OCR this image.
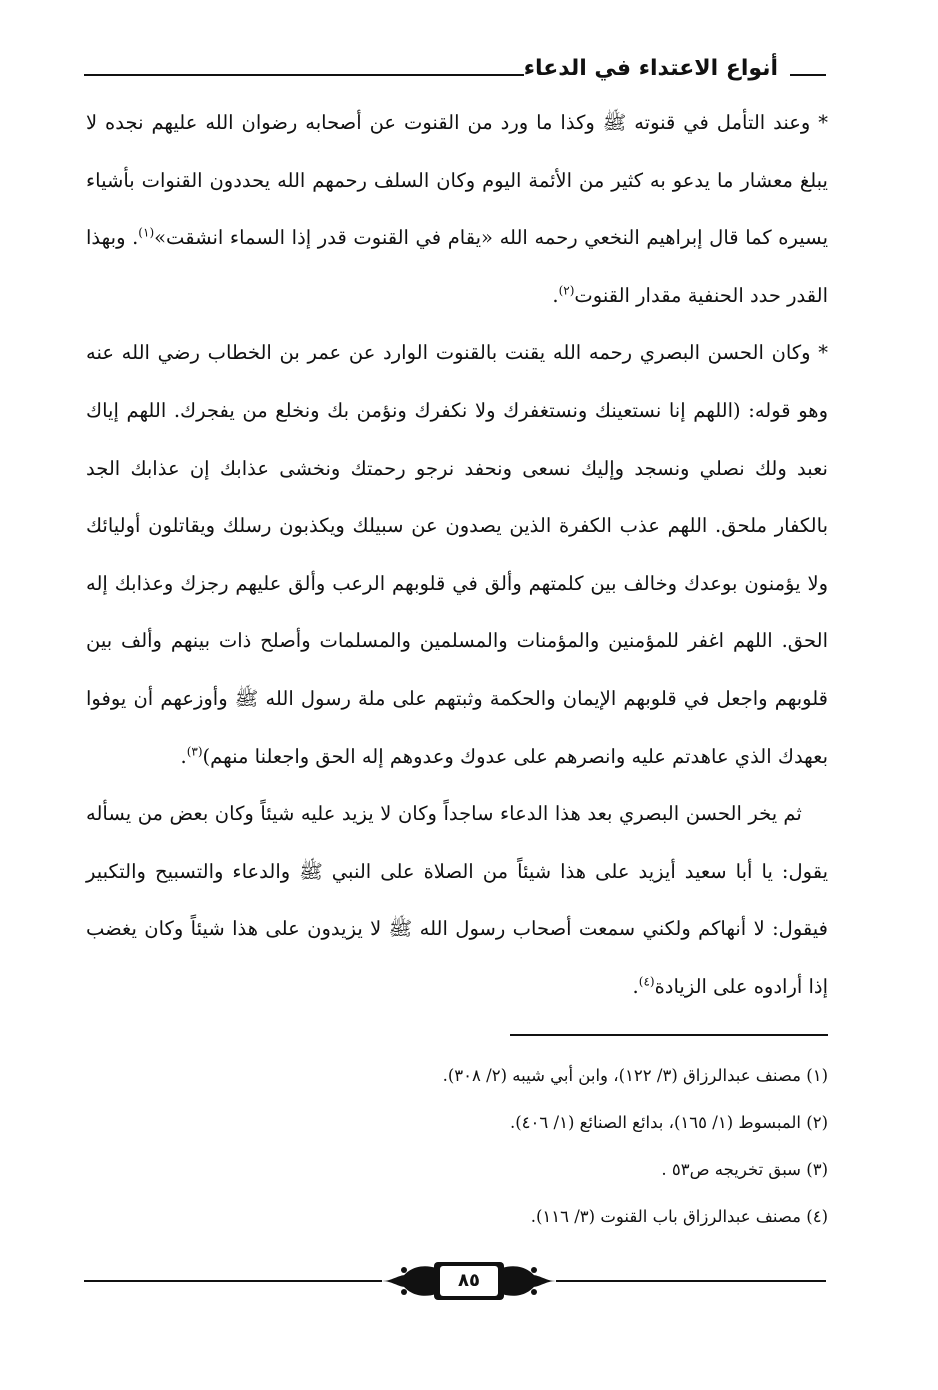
أنواع الاعتداء في الدعاء

* وعند التأمل في قنوته ﷺ وكذا ما ورد من القنوت عن أصحابه رضوان الله عليهم نجده لا يبلغ معشار ما يدعو به كثير من الأئمة اليوم وكان السلف رحمهم الله يحددون القنوات بأشياء يسيره كما قال إبراهيم النخعي رحمه الله «يقام في القنوت قدر إذا السماء انشقت»$^{(١)}$. وبهذا القدر حدد الحنفية مقدار القنوت$^{(٢)}$.

* وكان الحسن البصري رحمه الله يقنت بالقنوت الوارد عن عمر بن الخطاب رضي الله عنه وهو قوله: (اللهم إنا نستعينك ونستغفرك ولا نكفرك ونؤمن بك ونخلع من يفجرك. اللهم إياك نعبد ولك نصلي ونسجد وإليك نسعى ونحفد نرجو رحمتك ونخشى عذابك إن عذابك الجد بالكفار ملحق. اللهم عذب الكفرة الذين يصدون عن سبيلك ويكذبون رسلك ويقاتلون أوليائك ولا يؤمنون بوعدك وخالف بين كلمتهم وألق في قلوبهم الرعب وألق عليهم رجزك وعذابك إله الحق. اللهم اغفر للمؤمنين والمؤمنات والمسلمين والمسلمات وأصلح ذات بينهم وألف بين قلوبهم واجعل في قلوبهم الإيمان والحكمة وثبتهم على ملة رسول الله ﷺ وأوزعهم أن يوفوا بعهدك الذي عاهدتم عليه وانصرهم على عدوك وعدوهم إله الحق واجعلنا منهم)$^{(٣)}$.

ثم يخر الحسن البصري بعد هذا الدعاء ساجداً وكان لا يزيد عليه شيئاً وكان بعض من يسأله يقول: يا أبا سعيد أيزيد على هذا شيئاً من الصلاة على النبي ﷺ والدعاء والتسبيح والتكبير فيقول: لا أنهاكم ولكني سمعت أصحاب رسول الله ﷺ لا يزيدون على هذا شيئاً وكان يغضب إذا أرادوه على الزيادة$^{(٤)}$.

(١) مصنف عبدالرزاق (٣/ ١٢٢)، وابن أبي شيبه (٢/ ٣٠٨).
(٢) المبسوط (١/ ١٦٥)، بدائع الصنائع (١/ ٤٠٦).
(٣) سبق تخريجه ص٥٣ .
(٤) مصنف عبدالرزاق باب القنوت (٣/ ١١٦).
٨٥
